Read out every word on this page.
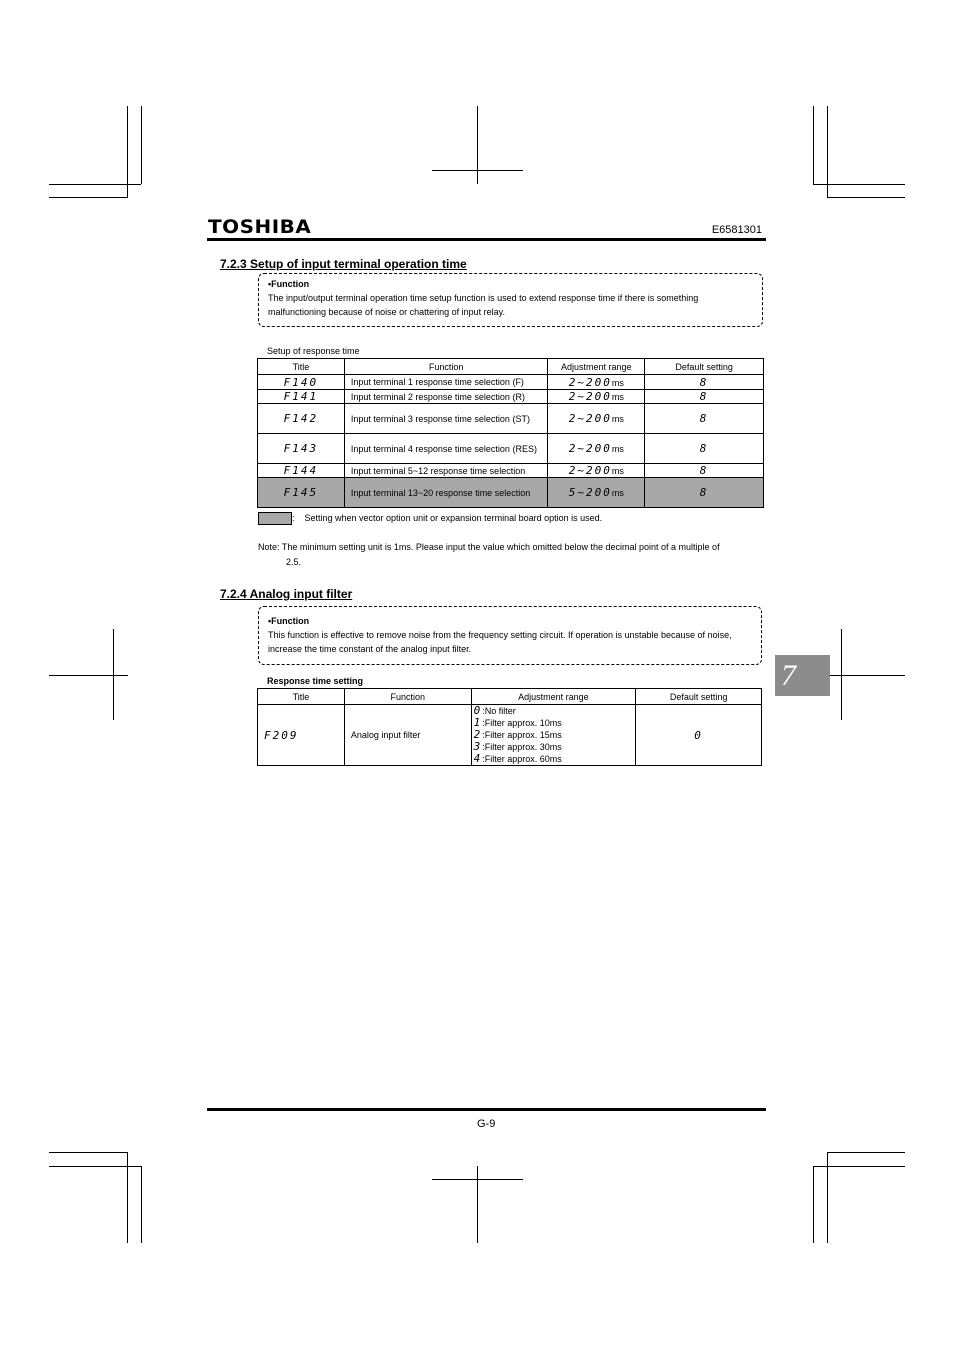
TOSHIBA	E6581301
7.2.3 Setup of input terminal operation time
•Function
The input/output terminal operation time setup function is used to extend response time if there is something malfunctioning because of noise or chattering of input relay.
Setup of response time
Title	Function	Adjustment range	Default setting
F140	Input terminal 1 response time selection (F)	2~200ms	8
F141	Input terminal 2 response time selection (R)	2~200ms	8
F142	Input terminal 3 response time selection (ST)	2~200ms	8
F143	Input terminal 4 response time selection (RES)	2~200ms	8
F144	Input terminal 5~12 response time selection	2~200ms	8
F145	Input terminal 13~20 response time selection	5~200ms	8
:    Setting when vector option unit or expansion terminal board option is used.
Note: The minimum setting unit is 1ms. Please input the value which omitted below the decimal point of a multiple of
2.5.
7.2.4 Analog input filter
•Function
This function is effective to remove noise from the frequency setting circuit. If operation is unstable because of noise, increase the time constant of the analog input filter.
Response time setting
Title	Function	Adjustment range	Default setting
F209	Analog input filter	0:No filter
1:Filter approx. 10ms
2:Filter approx. 15ms
3:Filter approx. 30ms
4:Filter approx. 60ms	0
7
G-9
